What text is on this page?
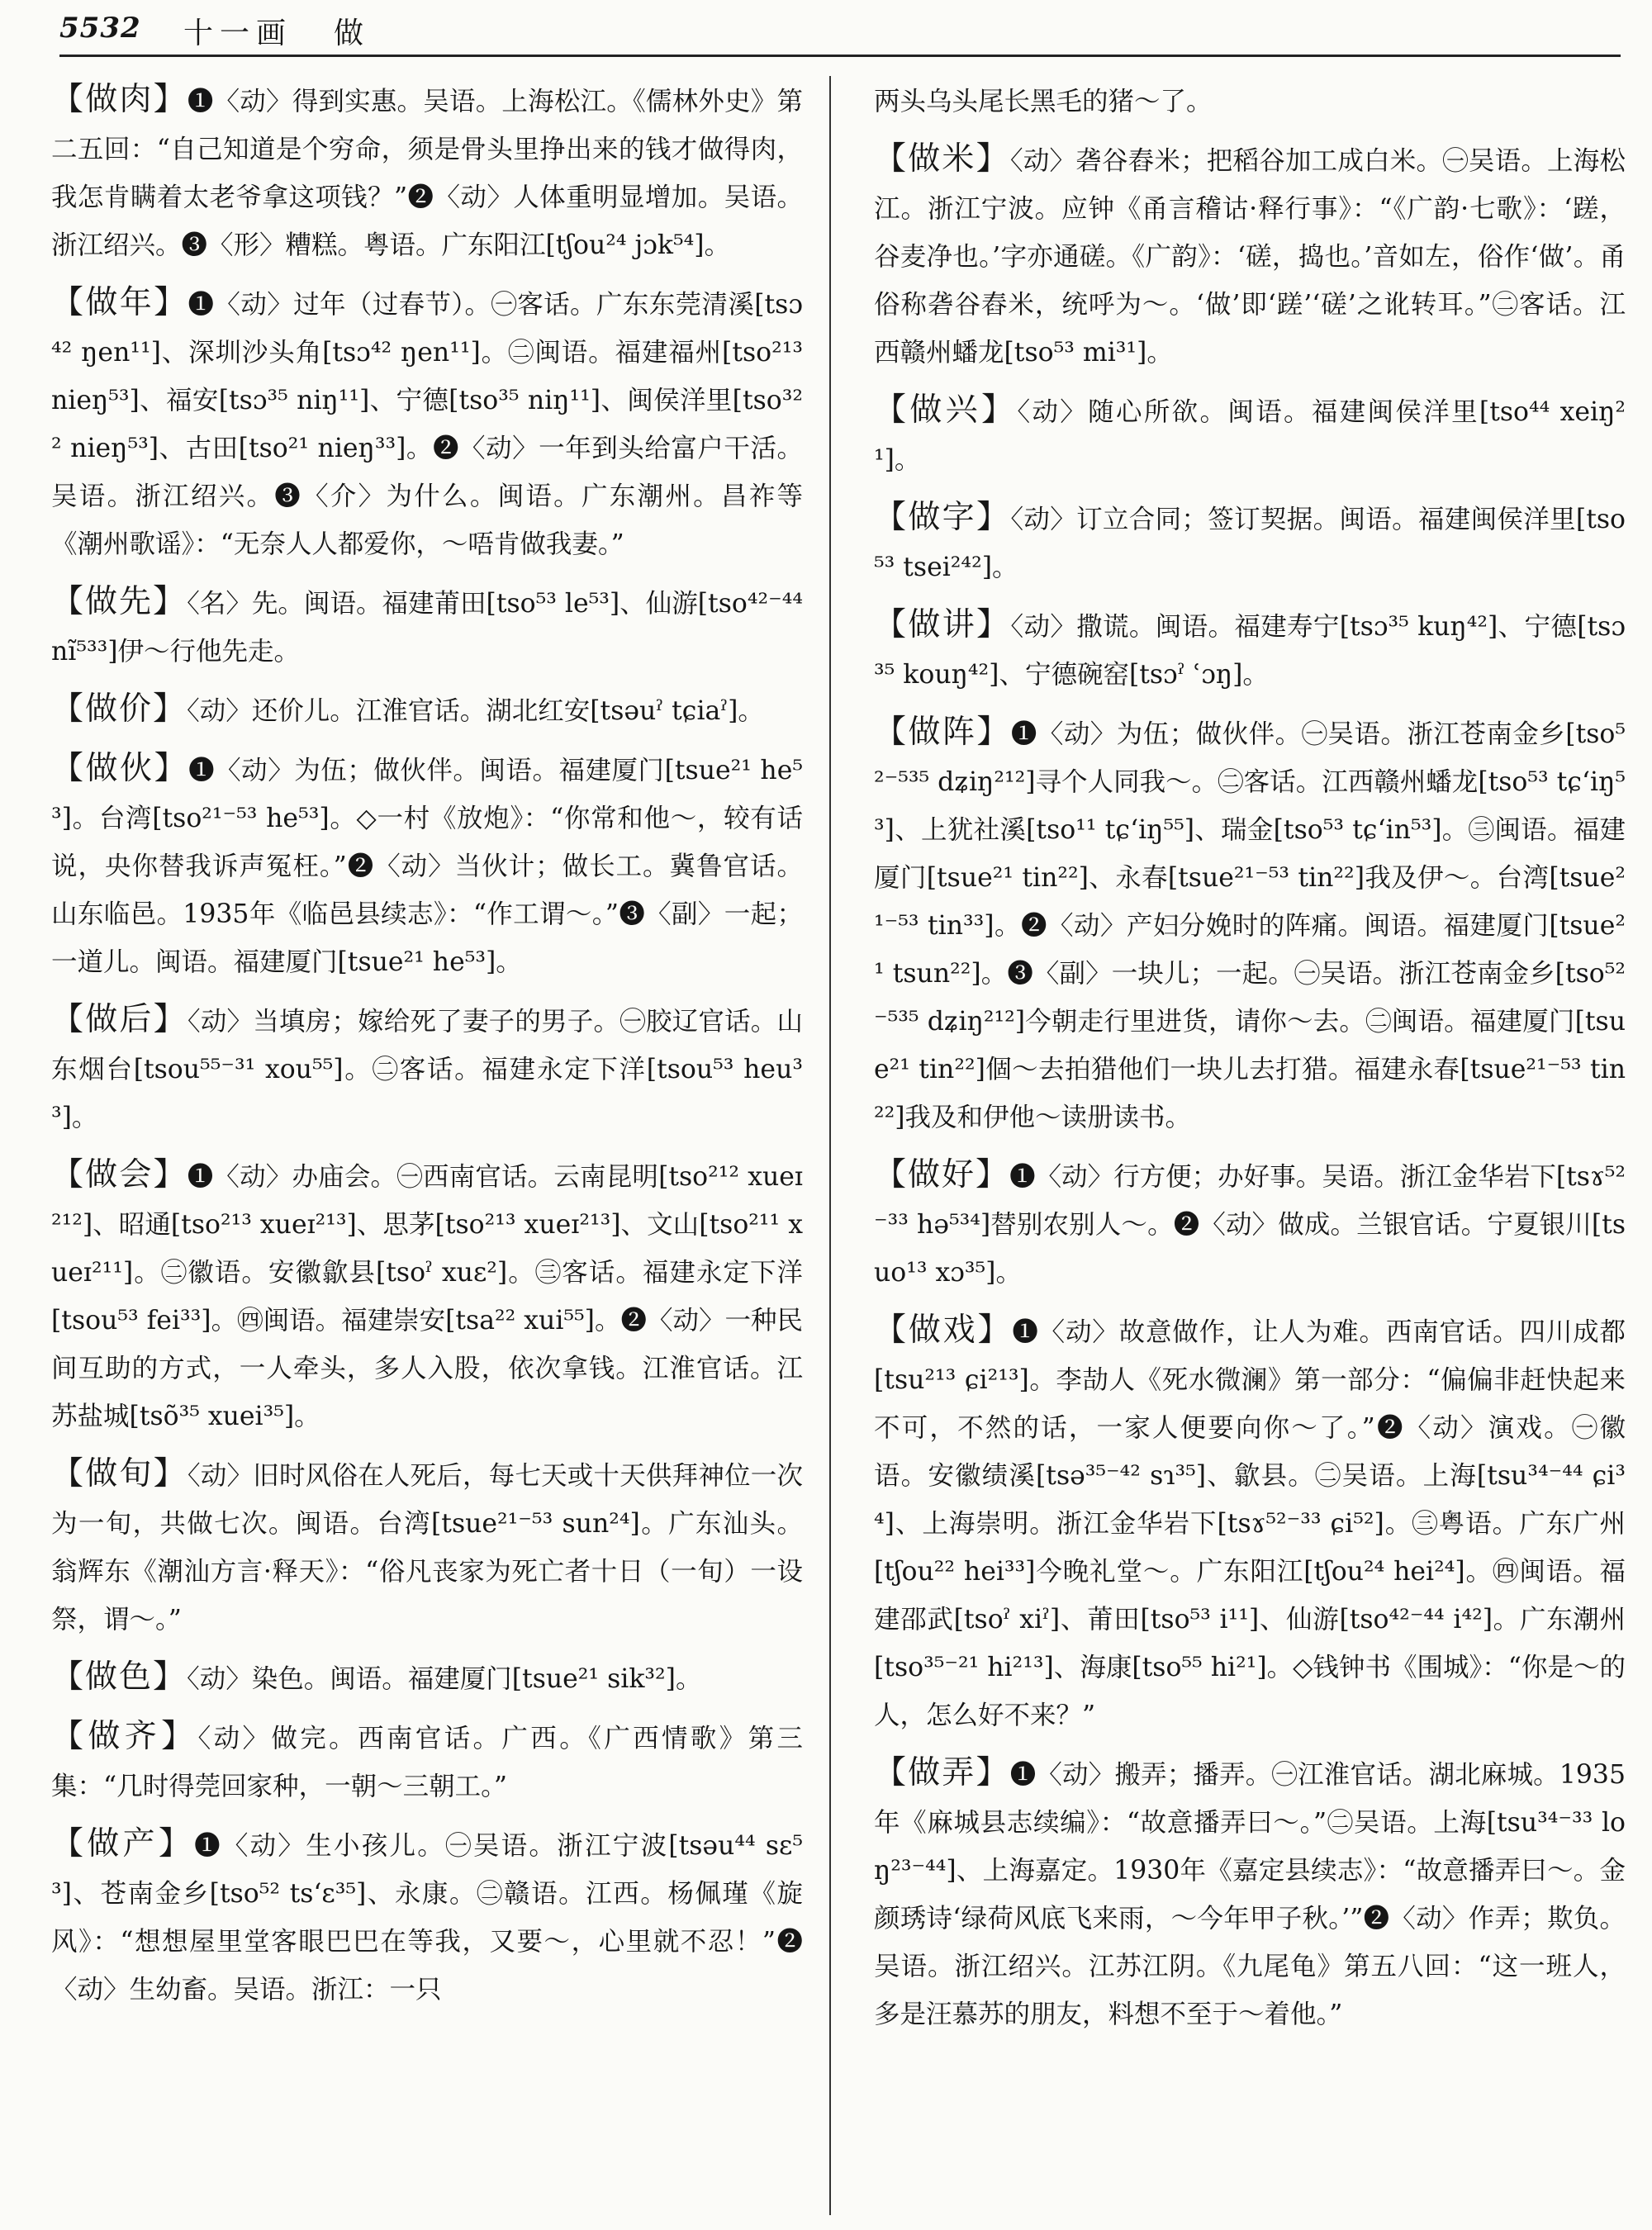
5532 十一画 做
【做肉】❶〈动〉得到实惠。吴语。上海松江。《儒林外史》第二五回：“自己知道是个穷命，须是骨头里挣出来的钱才做得肉，我怎肯瞒着太老爷拿这项钱？”❷〈动〉人体重明显增加。吴语。浙江绍兴。❸〈形〉糟糕。粤语。广东阳江[tʃou²⁴ jɔk⁵⁴]。
【做年】❶〈动〉过年（过春节）。㊀客话。广东东莞清溪[tsɔ⁴² ŋen¹¹]、深圳沙头角[tsɔ⁴² ŋen¹¹]。㊁闽语。福建福州[tso²¹³ nieŋ⁵³]、福安[tsɔ³⁵ niŋ¹¹]、宁德[tso³⁵ niŋ¹¹]、闽侯洋里[tso³²² nieŋ⁵³]、古田[tso²¹ nieŋ³³]。❷〈动〉一年到头给富户干活。吴语。浙江绍兴。❸〈介〉为什么。闽语。广东潮州。昌祚等《潮州歌谣》：“无奈人人都爱你，～唔肯做我妻。”
【做先】〈名〉先。闽语。福建莆田[tso⁵³ le⁵³]、仙游[tso⁴²⁻⁴⁴ nĩ⁵³³]伊～行他先走。
【做价】〈动〉还价儿。江淮官话。湖北红安[tsəuˀ tɕiaˀ]。
【做伙】❶〈动〉为伍；做伙伴。闽语。福建厦门[tsue²¹ he⁵³]。台湾[tso²¹⁻⁵³ he⁵³]。◇一村《放炮》：“你常和他～，较有话说，央你替我诉声冤枉。”❷〈动〉当伙计；做长工。冀鲁官话。山东临邑。1935年《临邑县续志》：“作工谓～。”❸〈副〉一起；一道儿。闽语。福建厦门[tsue²¹ he⁵³]。
【做后】〈动〉当填房；嫁给死了妻子的男子。㊀胶辽官话。山东烟台[tsou⁵⁵⁻³¹ xou⁵⁵]。㊁客话。福建永定下洋[tsou⁵³ heu³³]。
【做会】❶〈动〉办庙会。㊀西南官话。云南昆明[tso²¹² xueɪ²¹²]、昭通[tso²¹³ xueɪ²¹³]、思茅[tso²¹³ xueɪ²¹³]、文山[tso²¹¹ xueɪ²¹¹]。㊁徽语。安徽歙县[tsoˀ xuɛ²]。㊂客话。福建永定下洋[tsou⁵³ fei³³]。㊃闽语。福建崇安[tsa²² xui⁵⁵]。❷〈动〉一种民间互助的方式，一人牵头，多人入股，依次拿钱。江淮官话。江苏盐城[tsõ³⁵ xuei³⁵]。
【做旬】〈动〉旧时风俗在人死后，每七天或十天供拜神位一次为一旬，共做七次。闽语。台湾[tsue²¹⁻⁵³ sun²⁴]。广东汕头。翁辉东《潮汕方言·释天》：“俗凡丧家为死亡者十日（一旬）一设祭，谓～。”
【做色】〈动〉染色。闽语。福建厦门[tsue²¹ sik³²]。
【做齐】〈动〉做完。西南官话。广西。《广西情歌》第三集：“几时得莞回家种，一朝～三朝工。”
【做产】❶〈动〉生小孩儿。㊀吴语。浙江宁波[tsəu⁴⁴ sɛ⁵³]、苍南金乡[tso⁵² tsʻɛ³⁵]、永康。㊁赣语。江西。杨佩瑾《旋风》：“想想屋里堂客眼巴巴在等我，又要～，心里就不忍！”❷〈动〉生幼畜。吴语。浙江：一只
两头乌头尾长黑毛的猪～了。
【做米】〈动〉砻谷舂米；把稻谷加工成白米。㊀吴语。上海松江。浙江宁波。应钟《甬言稽诂·释行事》：“《广韵·七歌》：‘蹉，谷麦净也。’字亦通磋。《广韵》：‘磋，捣也。’音如左，俗作‘做’。甬俗称砻谷舂米，统呼为～。‘做’即‘蹉’‘磋’之讹转耳。”㊁客话。江西赣州蟠龙[tso⁵³ mi³¹]。
【做兴】〈动〉随心所欲。闽语。福建闽侯洋里[tso⁴⁴ xeiŋ²¹]。
【做字】〈动〉订立合同；签订契据。闽语。福建闽侯洋里[tso⁵³ tsei²⁴²]。
【做讲】〈动〉撒谎。闽语。福建寿宁[tsɔ³⁵ kuŋ⁴²]、宁德[tsɔ³⁵ kouŋ⁴²]、宁德碗窑[tsɔˀ ʿɔŋ]。
【做阵】❶〈动〉为伍；做伙伴。㊀吴语。浙江苍南金乡[tso⁵²⁻⁵³⁵ dʑiŋ²¹²]寻个人同我～。㊁客话。江西赣州蟠龙[tso⁵³ tɕʻiŋ⁵³]、上犹社溪[tso¹¹ tɕʻiŋ⁵⁵]、瑞金[tso⁵³ tɕʻin⁵³]。㊂闽语。福建厦门[tsue²¹ tin²²]、永春[tsue²¹⁻⁵³ tin²²]我及伊～。台湾[tsue²¹⁻⁵³ tin³³]。❷〈动〉产妇分娩时的阵痛。闽语。福建厦门[tsue²¹ tsun²²]。❸〈副〉一块儿；一起。㊀吴语。浙江苍南金乡[tso⁵²⁻⁵³⁵ dʑiŋ²¹²]今朝走行里进货，请你～去。㊁闽语。福建厦门[tsue²¹ tin²²]個～去拍猎他们一块儿去打猎。福建永春[tsue²¹⁻⁵³ tin²²]我及和伊他～读册读书。
【做好】❶〈动〉行方便；办好事。吴语。浙江金华岩下[tsɤ⁵²⁻³³ hə⁵³⁴]替别农别人～。❷〈动〉做成。兰银官话。宁夏银川[tsuo¹³ xɔ³⁵]。
【做戏】❶〈动〉故意做作，让人为难。西南官话。四川成都[tsu²¹³ ɕi²¹³]。李劼人《死水微澜》第一部分：“偏偏非赶快起来不可，不然的话，一家人便要向你～了。”❷〈动〉演戏。㊀徽语。安徽绩溪[tsə³⁵⁻⁴² sɿ³⁵]、歙县。㊁吴语。上海[tsu³⁴⁻⁴⁴ ɕi³⁴]、上海崇明。浙江金华岩下[tsɤ⁵²⁻³³ ɕi⁵²]。㊂粤语。广东广州[tʃou²² hei³³]今晚礼堂～。广东阳江[tʃou²⁴ hei²⁴]。㊃闽语。福建邵武[tsoˀ xiˀ]、莆田[tso⁵³ i¹¹]、仙游[tso⁴²⁻⁴⁴ i⁴²]。广东潮州[tso³⁵⁻²¹ hi²¹³]、海康[tso⁵⁵ hi²¹]。◇钱钟书《围城》：“你是～的人，怎么好不来？”
【做弄】❶〈动〉搬弄；播弄。㊀江淮官话。湖北麻城。1935年《麻城县志续编》：“故意播弄曰～。”㊁吴语。上海[tsu³⁴⁻³³ loŋ²³⁻⁴⁴]、上海嘉定。1930年《嘉定县续志》：“故意播弄曰～。金颜琇诗‘绿荷风底飞来雨，～今年甲子秋。’”❷〈动〉作弄；欺负。吴语。浙江绍兴。江苏江阴。《九尾龟》第五八回：“这一班人，多是汪慕苏的朋友，料想不至于～着他。”
